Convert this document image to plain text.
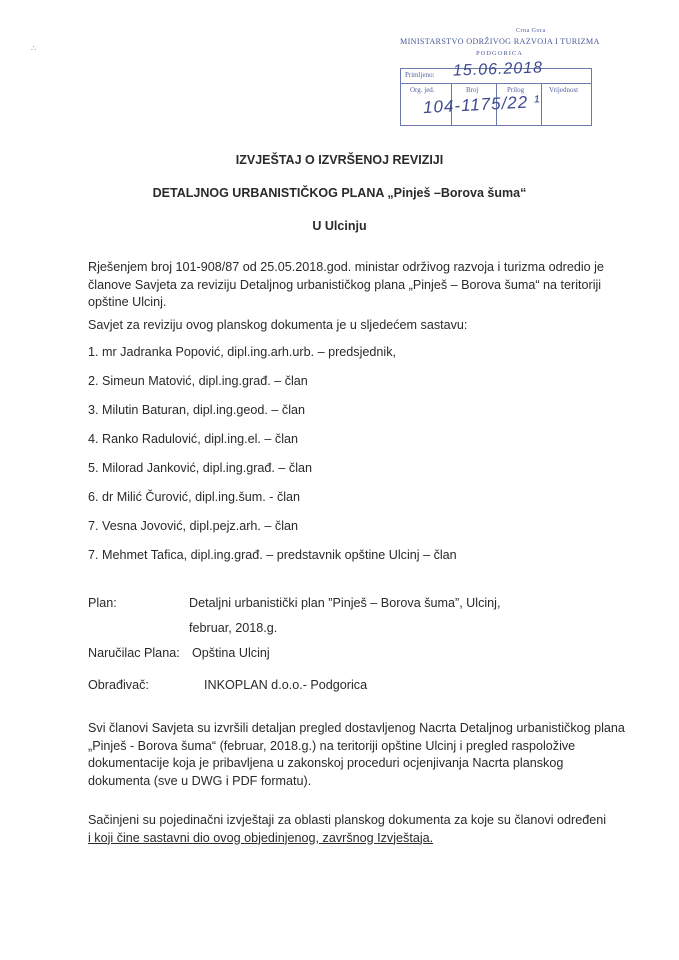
∴
Crna Gora
MINISTARSTVO ODRŽIVOG RAZVOJA I TURIZMA
PODGORICA
Primljeno:
Org. jed.	Broj	Prilog	Vrijednost
15.06.2018
104-1175/22 ¹
IZVJEŠTAJ O IZVRŠENOJ REVIZIJI
DETALJNOG URBANISTIČKOG PLANA „Pinješ –Borova šuma“
U Ulcinju
Rješenjem broj 101-908/87 od 25.05.2018.god. ministar održivog razvoja i turizma odredio je članove Savjeta za reviziju Detaljnog urbanističkog plana „Pinješ – Borova šuma“ na teritoriji opštine Ulcinj.
Savjet za reviziju ovog planskog dokumenta je u sljedećem sastavu:
1. mr Jadranka Popović, dipl.ing.arh.urb. – predsjednik,
2. Simeun Matović, dipl.ing.građ. – član
3. Milutin Baturan, dipl.ing.geod. – član
4. Ranko Radulović, dipl.ing.el. – član
5. Milorad Janković, dipl.ing.građ. – član
6. dr Milić Čurović, dipl.ing.šum. - član
7. Vesna Jovović, dipl.pejz.arh. – član
7. Mehmet Tafica, dipl.ing.građ. – predstavnik opštine Ulcinj – član
Plan:	Detaljni urbanistički plan ”Pinješ – Borova šuma”, Ulcinj,
februar, 2018.g.
Naručilac Plana: Opština Ulcinj
Obrađivač:	INKOPLAN d.o.o.- Podgorica
Svi članovi Savjeta su izvršili detaljan pregled dostavljenog Nacrta Detaljnog urbanističkog plana „Pinješ - Borova šuma“ (februar, 2018.g.) na teritoriji opštine Ulcinj i pregled raspoložive dokumentacije koja je pribavljena u zakonskoj proceduri ocjenjivanja Nacrta planskog dokumenta (sve u DWG i PDF formatu).
Sačinjeni su pojedinačni izvještaji za oblasti planskog dokumenta za koje su članovi određeni
i koji čine sastavni dio ovog objedinjenog, završnog Izvještaja.
